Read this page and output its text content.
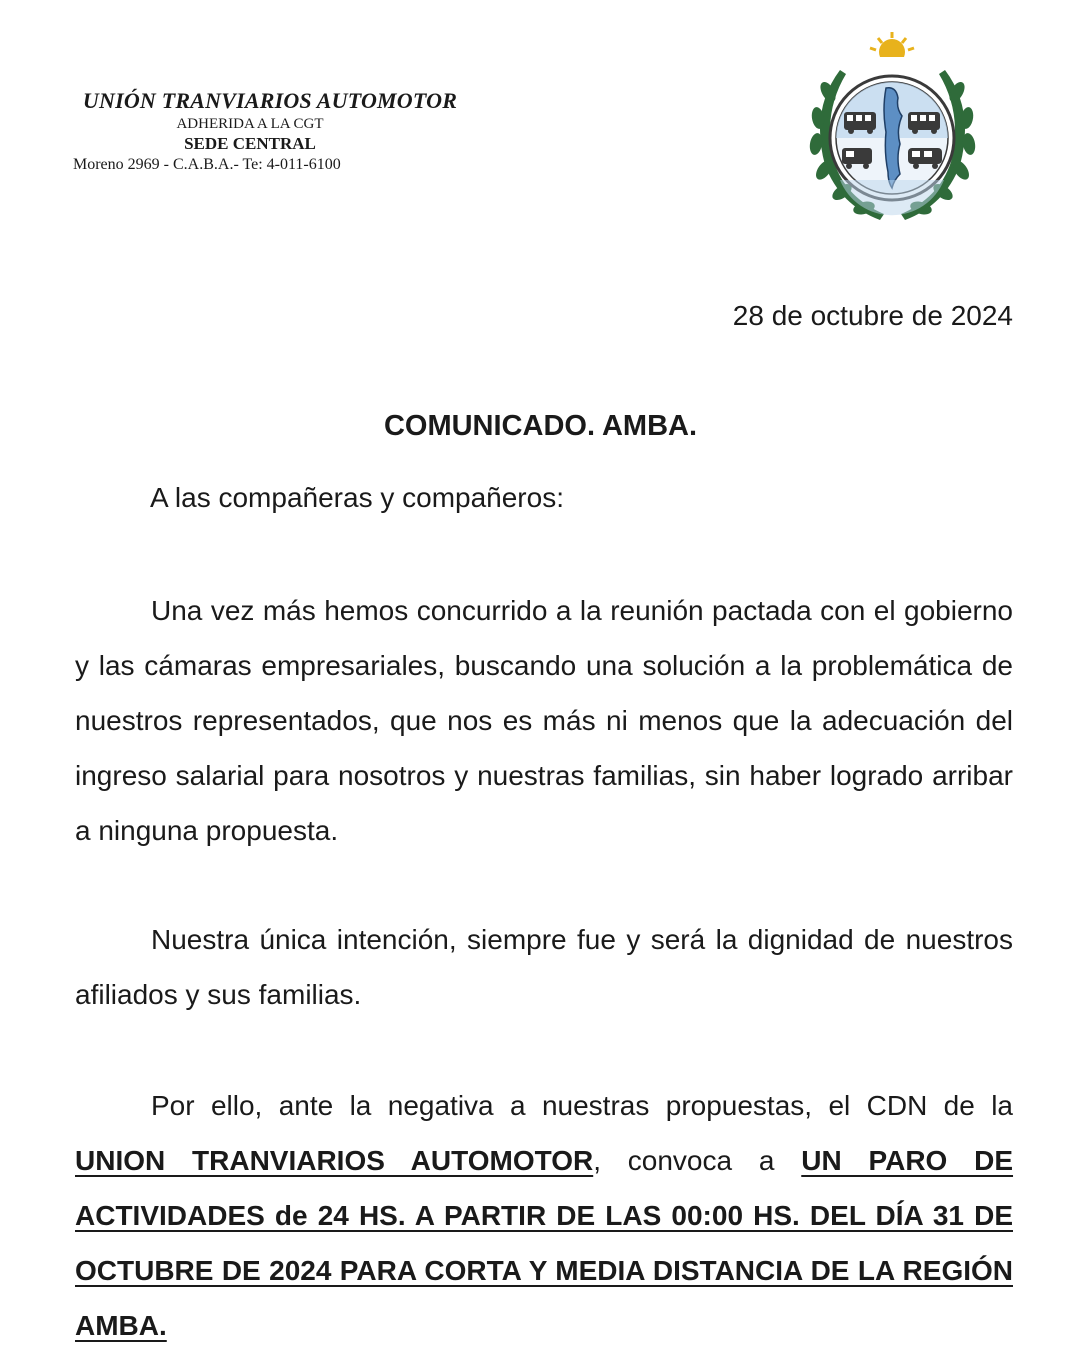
UNIÓN TRANVIARIOS AUTOMOTOR
ADHERIDA A LA CGT
SEDE CENTRAL
Moreno 2969 - C.A.B.A.- Te: 4-011-6100
28 de octubre de 2024
COMUNICADO. AMBA.
A las compañeras y compañeros:

Una vez más hemos concurrido a la reunión pactada con el gobierno y las cámaras empresariales, buscando una solución a la problemática de nuestros representados, que nos es más ni menos que la adecuación del ingreso salarial para nosotros y nuestras familias, sin haber logrado arribar a ninguna propuesta.

Nuestra única intención, siempre fue y será la dignidad de nuestros afiliados y sus familias.

Por ello, ante la negativa a nuestras propuestas, el CDN de la UNION TRANVIARIOS AUTOMOTOR, convoca a UN PARO DE ACTIVIDADES de 24 HS. A PARTIR DE LAS 00:00 HS. DEL DÍA 31 DE OCTUBRE DE 2024 PARA CORTA Y MEDIA DISTANCIA DE LA REGIÓN AMBA.
